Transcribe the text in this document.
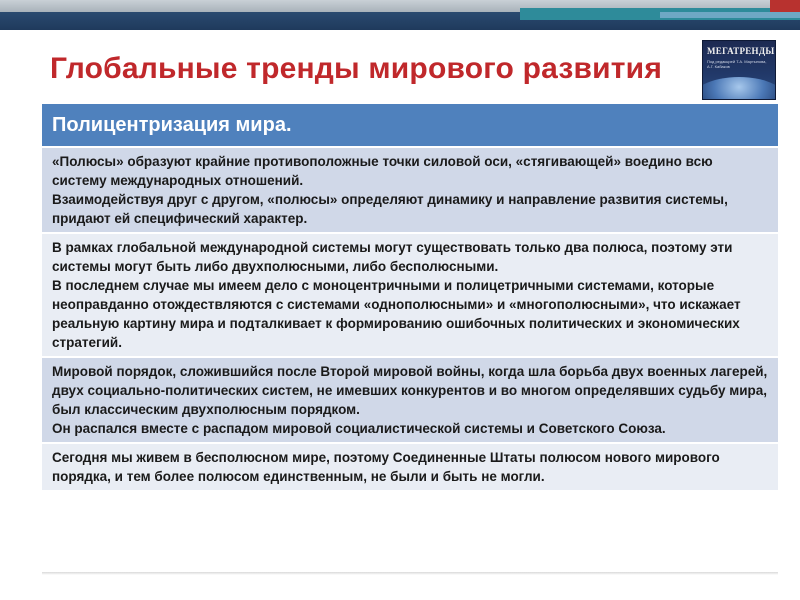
Глобальные тренды мирового развития
МЕГАТРЕНДЫ
Под редакцией Т.А. Мартынова, А.Г. Кабаков
Полицентризация мира.

«Полюсы» образуют крайние противоположные точки силовой оси, «стягивающей» воедино всю систему международных отношений.

Взаимодействуя друг с другом, «полюсы» определяют динамику и направление развития системы, придают ей специфический характер.

В рамках глобальной международной системы могут существовать только два полюса, поэтому эти системы могут быть либо двухполюсными, либо бесполюсными.

В последнем случае мы имеем дело с моноцентричными и полицетричными системами, которые неоправданно отождествляются с системами «однополюсными» и «многополюсными», что искажает реальную картину мира и подталкивает к формированию ошибочных политических и экономических стратегий.

Мировой порядок, сложившийся после Второй мировой войны, когда шла борьба двух военных лагерей, двух социально-политических систем, не имевших конкурентов и во многом определявших судьбу мира, был классическим двухполюсным порядком.

Он распался вместе с распадом мировой социалистической системы и Советского Союза.

Сегодня мы живем в бесполюсном мире, поэтому Соединенные Штаты полюсом нового мирового порядка, и тем более полюсом единственным, не были и быть не могли.
